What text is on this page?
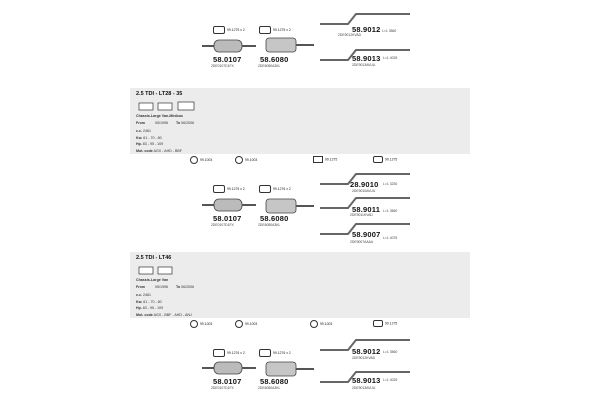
99.1275 x 2	99.1275 x 2
58.0107
2DE0107D1FX
58.6080
2DE6080A3KL
58.9012
2DE9012KVAD
L=1 3560
58.9013
2DE9013AVUU
L=1 4025
2.5 TDI - LT28 - 35
Chassis-Large Van-Minibus
From	05/1996 To 06/2006
c.c. 2461
Kw. 61 - 70 - 80
Hp. 83 - 95 - 109
Mot. code AGX - AHD - BBF
99.1003	99.1003	99.1275	99.1275
99.1275 x 2	99.1276 x 2
58.0107
2DE0107D1FX
58.6080
2DE6080A3KL
28.9010
2DE9010AVUU
L=1 3230
58.9011
2DE9011KVAD
L=1 3560
58.9007
2DE9007AAAU
L=1 4075
2.5 TDI - LT46
Chassis-Large Van
From	05/1996 To 06/2006
c.c. 2461
Kw. 61 - 70 - 80
Hp. 83 - 95 - 109
Mot. code AGX - BBF - AHD - ANJ
99.1003	99.1003	99.1003	99.1275
99.1276 x 2	99.1276 x 2
58.0107
2DE0107D1FX
58.6080
2DE6080A3KL
58.9012
2DE9012KVAD
L=1 3560
58.9013
2DE9013AVUU
L=1 4025
